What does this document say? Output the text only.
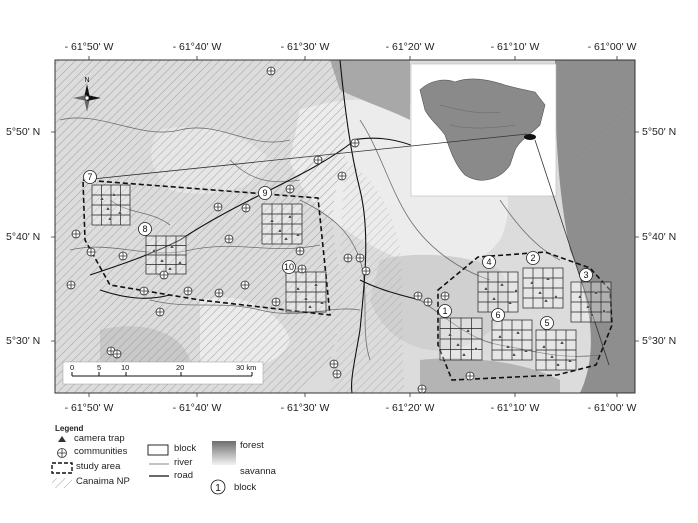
7
8
9
10	4	2
3
1	6
5
N
0	5	10	20	30 km
1
- 61°50' W	- 61°40' W	- 61°30' W	- 61°20' W	- 61°10' W	- 61°00' W
- 61°50' W	- 61°40' W	- 61°30' W	- 61°20' W	- 61°10' W	- 61°00' W
5°50' N
5°40' N
5°30' N
5°50' N
5°40' N
5°30' N
Legend
camera trap
communities
study area
Canaima NP
block
river
road
forest
savanna
block
